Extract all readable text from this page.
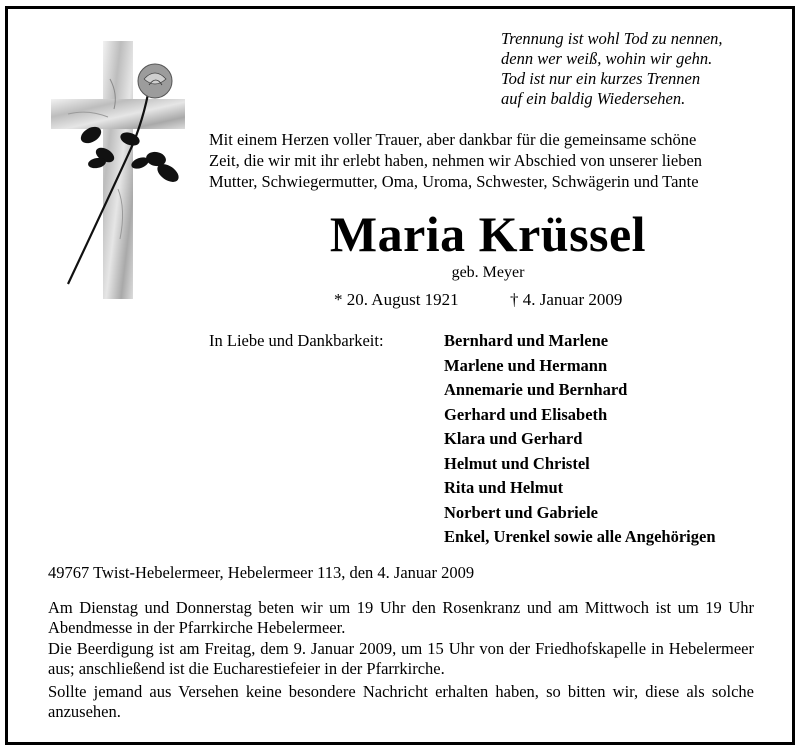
Trennung ist wohl Tod zu nennen,
denn wer weiß, wohin wir gehn.
Tod ist nur ein kurzes Trennen
auf ein baldig Wiedersehen.
Mit einem Herzen voller Trauer, aber dankbar für die gemeinsame schöne
Zeit, die wir mit ihr erlebt haben, nehmen wir Abschied von unserer lieben
Mutter, Schwiegermutter, Oma, Uroma, Schwester, Schwägerin und Tante
Maria Krüssel
geb. Meyer
* 20. August 1921	† 4. Januar 2009
In Liebe und Dankbarkeit:	Bernhard und Marlene
Marlene und Hermann
Annemarie und Bernhard
Gerhard und Elisabeth
Klara und Gerhard
Helmut und Christel
Rita und Helmut
Norbert und Gabriele
Enkel, Urenkel sowie alle Angehörigen
49767 Twist-Hebelermeer, Hebelermeer 113, den 4. Januar 2009
Am Dienstag und Donnerstag beten wir um 19 Uhr den Rosenkranz und am Mittwoch ist um 19 Uhr Abendmesse in der Pfarrkirche Hebelermeer.
Die Beerdigung ist am Freitag, dem 9. Januar 2009, um 15 Uhr von der Friedhofskapelle in Hebelermeer aus; anschließend ist die Eucharestiefeier in der Pfarrkirche.
Sollte jemand aus Versehen keine besondere Nachricht erhalten haben, so bitten wir, diese als solche anzusehen.
